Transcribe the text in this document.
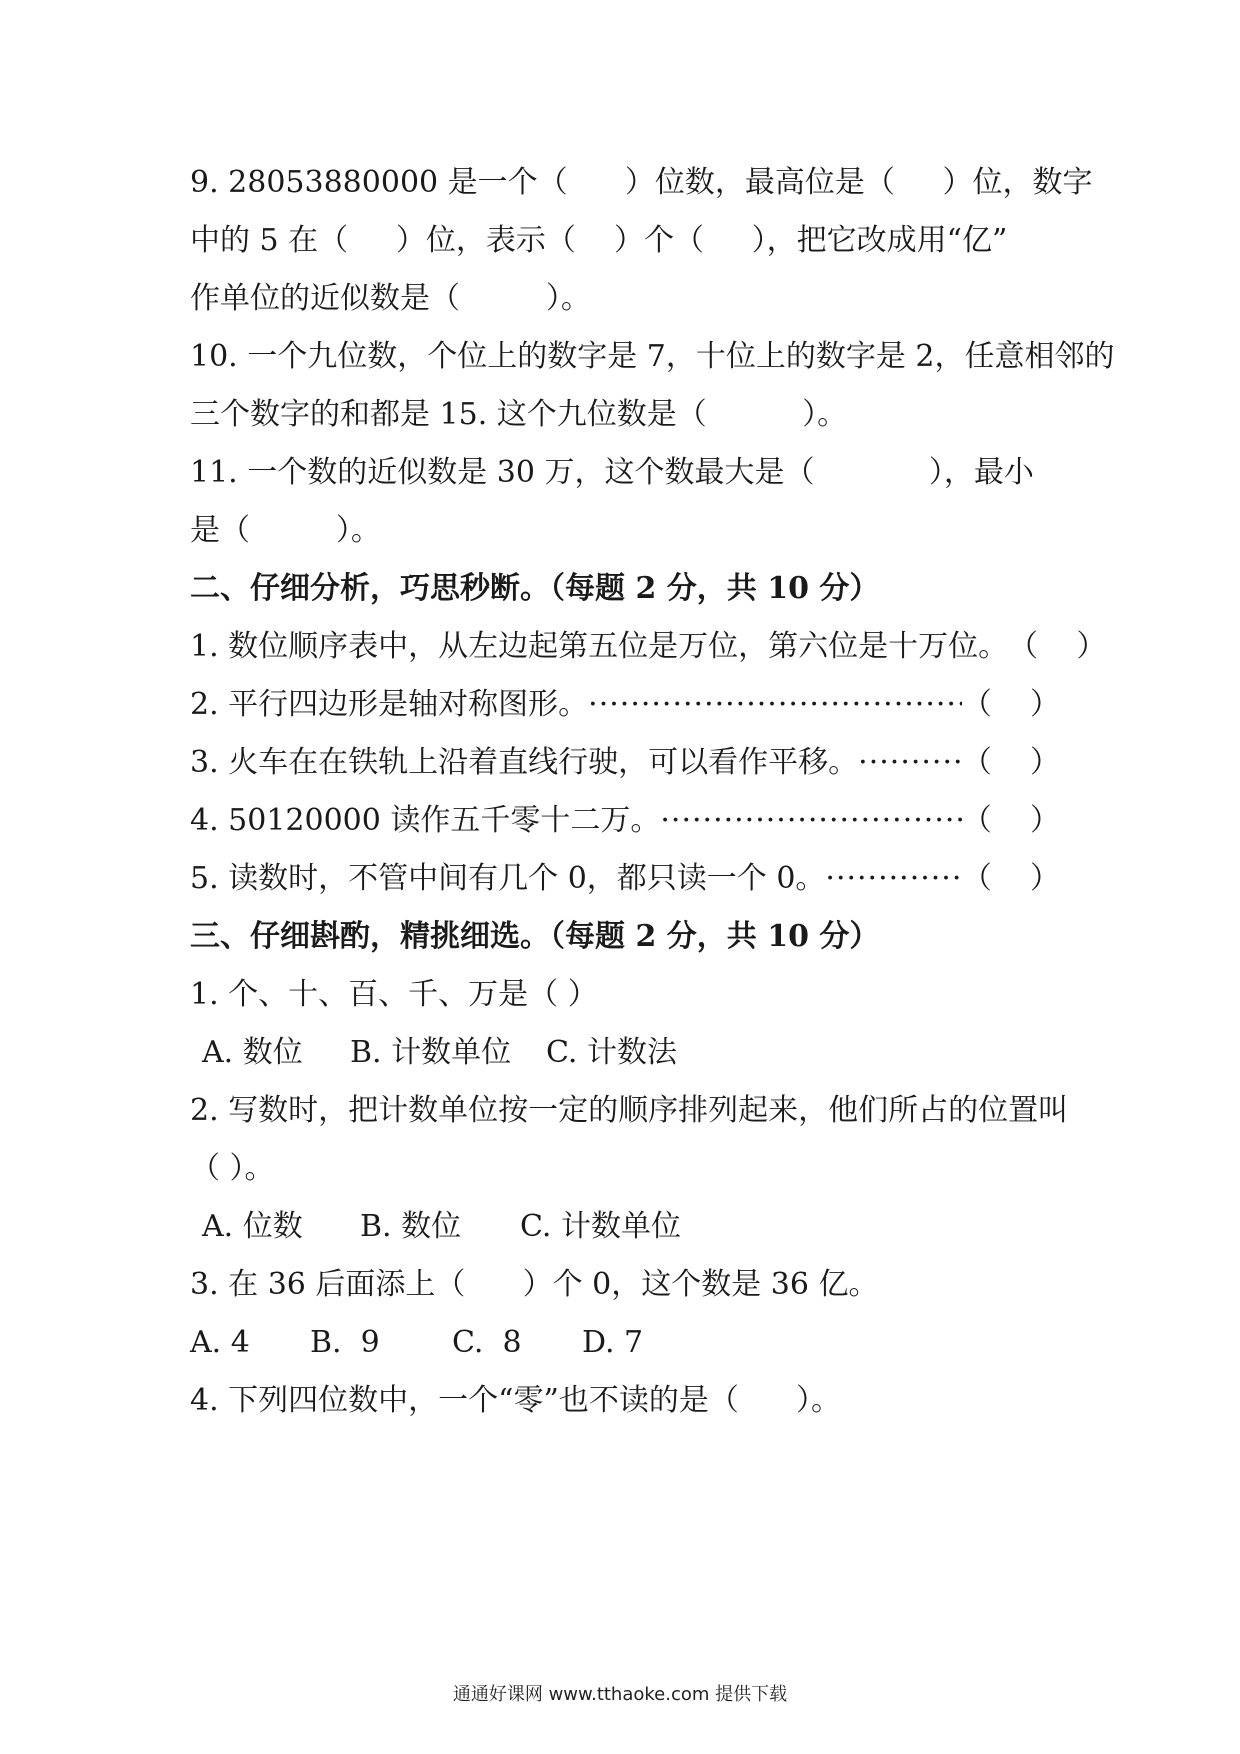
9. 28053880000 是一个（      ）位数，最高位是（     ）位，数字
中的 5 在（     ）位，表示（    ）个（     ），把它改成用“亿”
作单位的近似数是（         ）。
10. 一个九位数，个位上的数字是 7，十位上的数字是 2，任意相邻的
三个数字的和都是 15. 这个九位数是（          ）。
11. 一个数的近似数是 30 万，这个数最大是（            ），最小
是（         ）。
二、仔细分析，巧思秒断。（每题 2 分，共 10 分）
1. 数位顺序表中，从左边起第五位是万位，第六位是十万位。 （    ）
2. 平行四边形是轴对称图形。 ·····	（    ）
3. 火车在在铁轨上沿着直线行驶，可以看作平移。 ·····	（    ）
4. 50120000 读作五千零十二万。 ·····	（    ）
5. 读数时，不管中间有几个 0，都只读一个 0。 ·····	（    ）
三、仔细斟酌，精挑细选。（每题 2 分，共 10 分）
1. 个、十、百、千、万是（ ）

A. 数位

B. 计数单位

C. 计数法

2. 写数时，把计数单位按一定的顺序排列起来，他们所占的位置叫
（ ）。

A. 位数

B. 数位

C. 计数单位

3. 在 36 后面添上（      ）个 0，这个数是 36 亿。

A. 4

B.  9

C.  8

D. 7

4. 下列四位数中，一个“零”也不读的是（      ）。
通通好课网 www.tthaoke.com 提供下载
